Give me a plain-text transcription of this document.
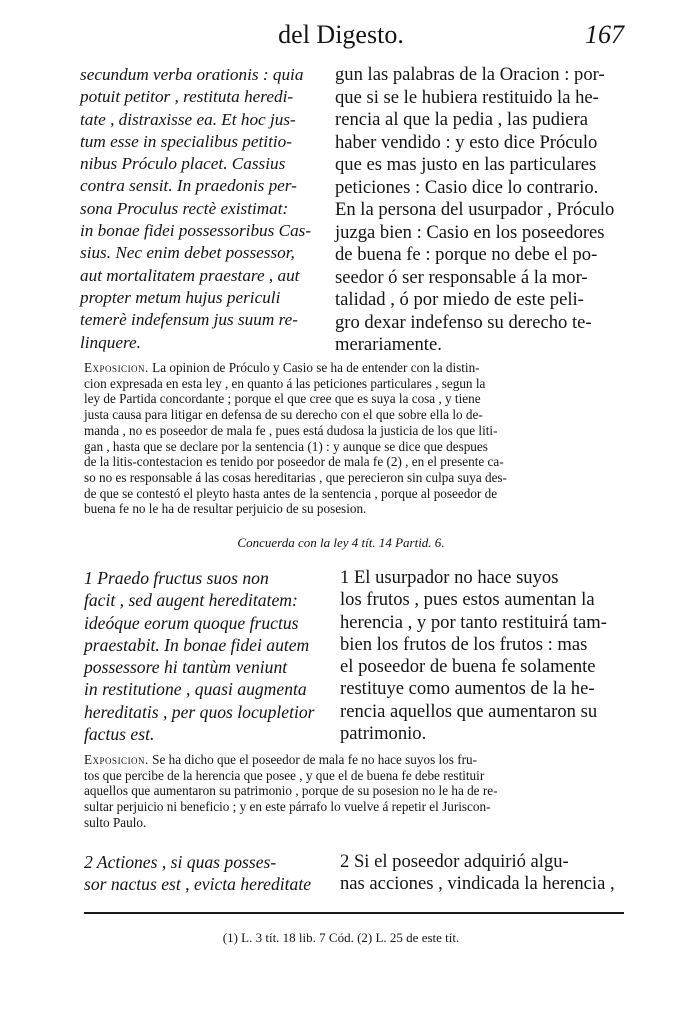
del Digesto.	167
secundum verba orationis : quia
potuit petitor , restituta heredi-
tate , distraxisse ea. Et hoc jus-
tum esse in specialibus petitio-
nibus Próculo placet. Cassius
contra sensit. In praedonis per-
sona Proculus rectè existimat:
in bonae fidei possessoribus Cas-
sius. Nec enim debet possessor,
aut mortalitatem praestare , aut
propter metum hujus periculi
temerè indefensum jus suum re-
linquere.
gun las palabras de la Oracion : por-
que si se le hubiera restituido la he-
rencia al que la pedia , las pudiera
haber vendido : y esto dice Próculo
que es mas justo en las particulares
peticiones : Casio dice lo contrario.
En la persona del usurpador , Próculo
juzga bien : Casio en los poseedores
de buena fe : porque no debe el po-
seedor ó ser responsable á la mor-
talidad , ó por miedo de este peli-
gro dexar indefenso su derecho te-
merariamente.
Exposicion. La opinion de Próculo y Casio se ha de entender con la distin-
cion expresada en esta ley , en quanto á las peticiones particulares , segun la
ley de Partida concordante ; porque el que cree que es suya la cosa , y tiene
justa causa para litigar en defensa de su derecho con el que sobre ella lo de-
manda , no es poseedor de mala fe , pues está dudosa la justicia de los que liti-
gan , hasta que se declare por la sentencia (1) : y aunque se dice que despues
de la litis-contestacion es tenido por poseedor de mala fe (2) , en el presente ca-
so no es responsable á las cosas hereditarias , que perecieron sin culpa suya des-
de que se contestó el pleyto hasta antes de la sentencia , porque al poseedor de
buena fe no le ha de resultar perjuicio de su posesion.
Concuerda con la ley 4 tít. 14 Partid. 6.
1 Praedo fructus suos non
facit , sed augent hereditatem:
ideóque eorum quoque fructus
praestabit. In bonae fidei autem
possessore hi tantùm veniunt
in restitutione , quasi augmenta
hereditatis , per quos locupletior
factus est.
1 El usurpador no hace suyos
los frutos , pues estos aumentan la
herencia , y por tanto restituirá tam-
bien los frutos de los frutos : mas
el poseedor de buena fe solamente
restituye como aumentos de la he-
rencia aquellos que aumentaron su
patrimonio.
Exposicion. Se ha dicho que el poseedor de mala fe no hace suyos los fru-
tos que percibe de la herencia que posee , y que el de buena fe debe restituir
aquellos que aumentaron su patrimonio , porque de su posesion no le ha de re-
sultar perjuicio ni beneficio ; y en este párrafo lo vuelve á repetir el Juriscon-
sulto Paulo.
2 Actiones , si quas posses-
sor nactus est , evicta hereditate
2 Si el poseedor adquirió algu-
nas acciones , vindicada la herencia ,
(1) L. 3 tít. 18 lib. 7 Cód. (2) L. 25 de este tít.
